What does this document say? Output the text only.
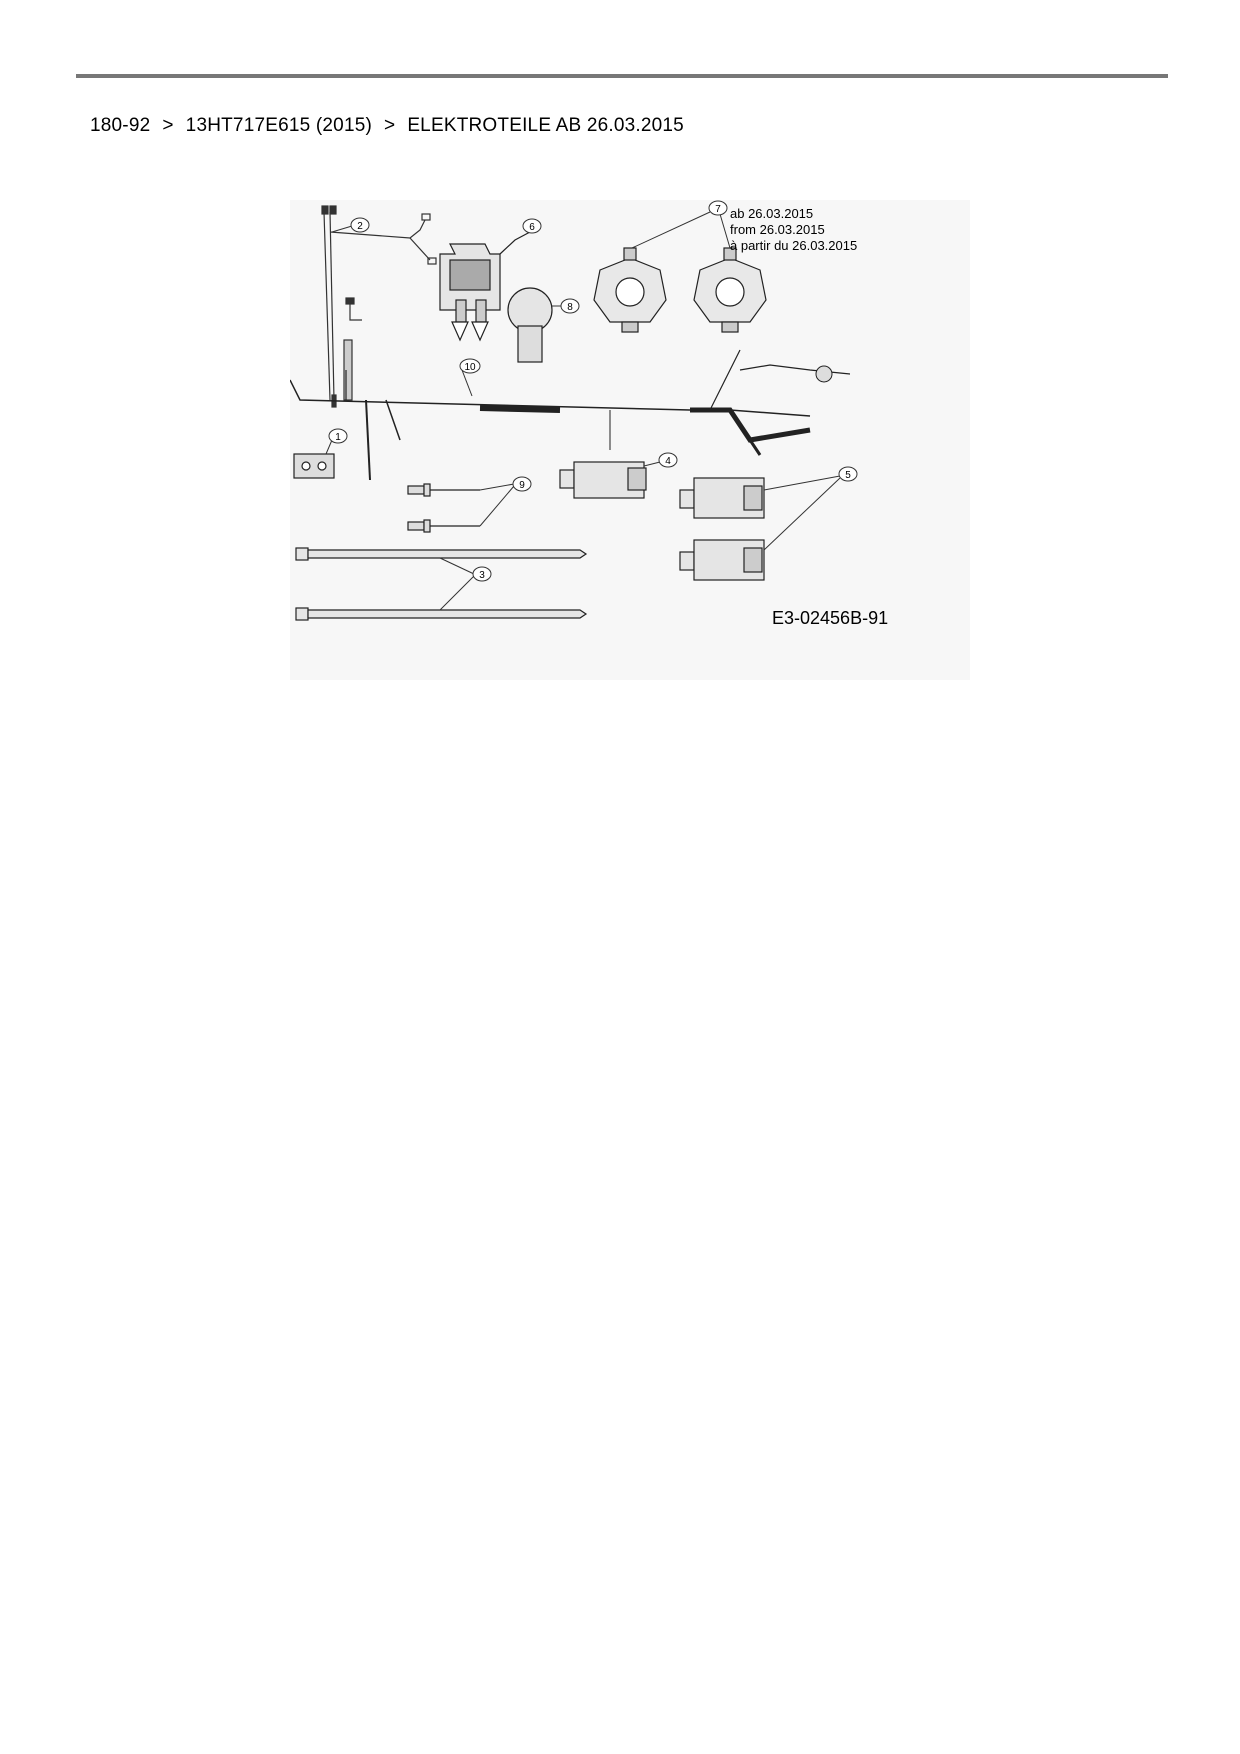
180-92 > 13HT717E615 (2015) > ELEKTROTEILE AB 26.03.2015
2	6
8
7 ab 26.03.2015
from 26.03.2015
à partir du 26.03.2015
10
1
9
4
5
3
E3-02456B-91
